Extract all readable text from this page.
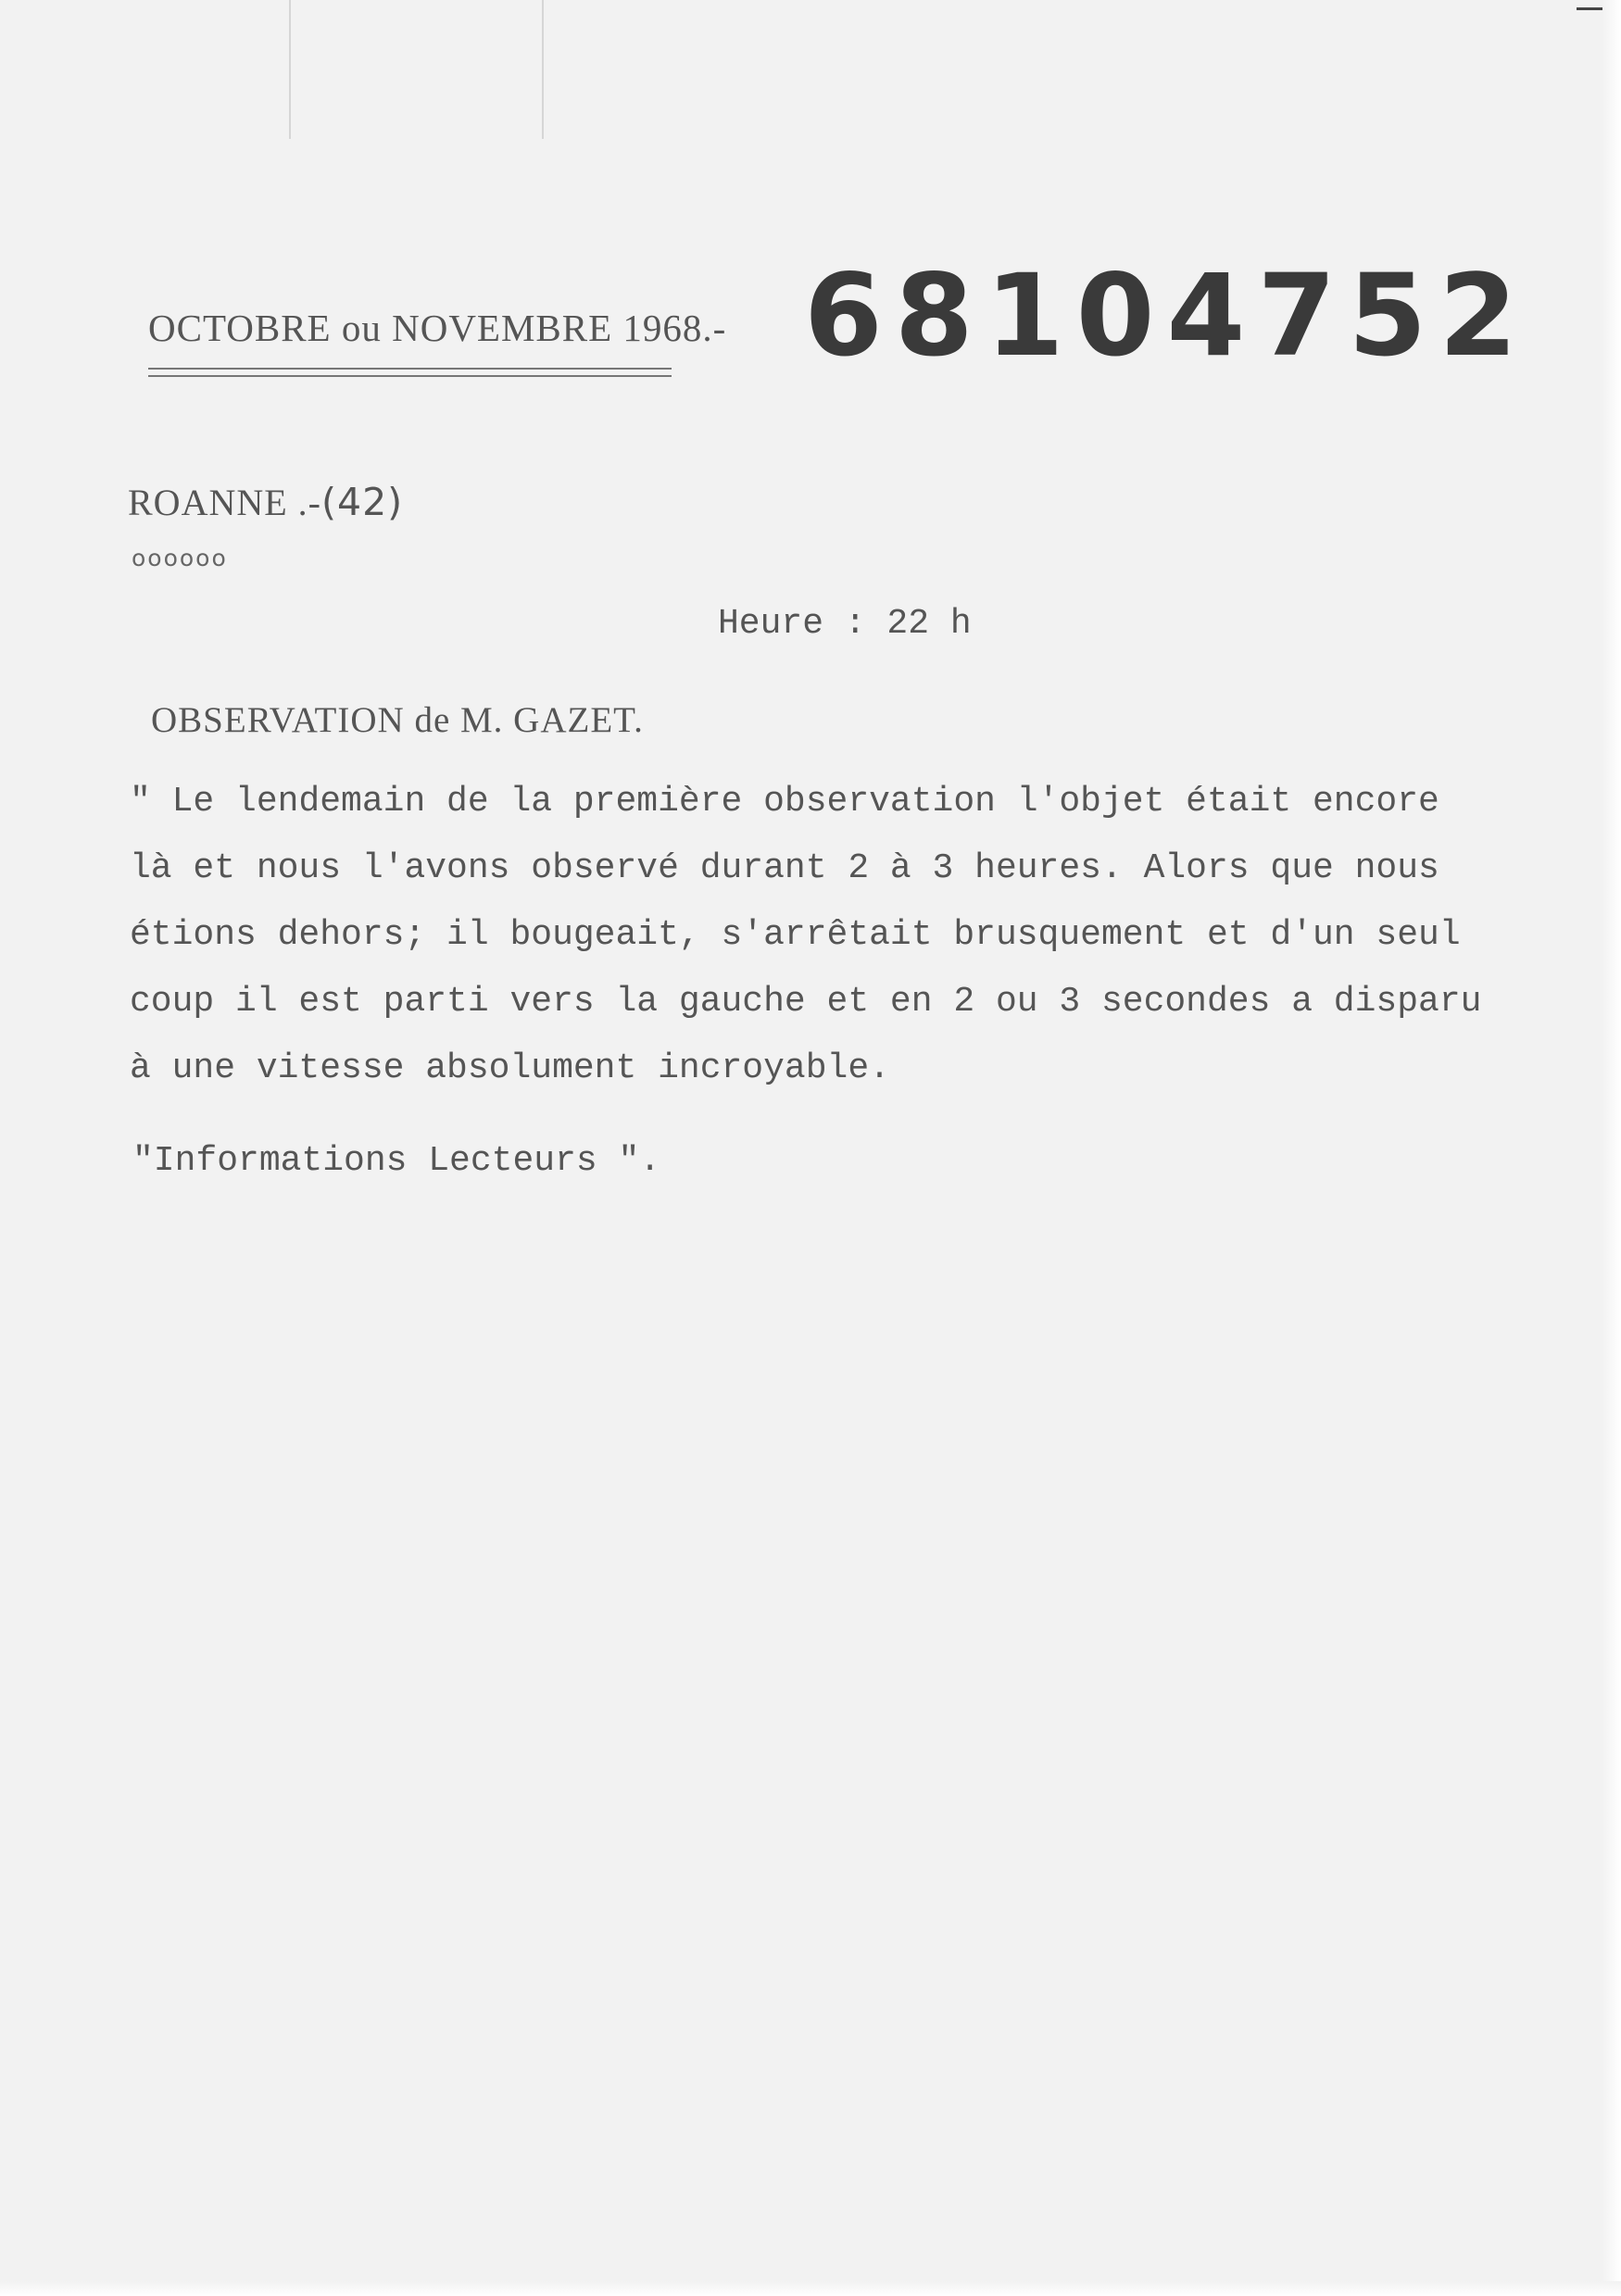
OCTOBRE ou NOVEMBRE 1968.- 68104752
ROANNE .-(42)
oooooo
Heure : 22 h
OBSERVATION de M. GAZET.
" Le lendemain de la première observation l'objet était encore
là et nous l'avons observé durant 2 à 3 heures. Alors que nous
étions dehors; il bougeait, s'arrêtait brusquement et d'un seul
coup il est parti vers la gauche et en 2 ou 3 secondes a disparu
à une vitesse absolument incroyable.
"Informations Lecteurs ".
